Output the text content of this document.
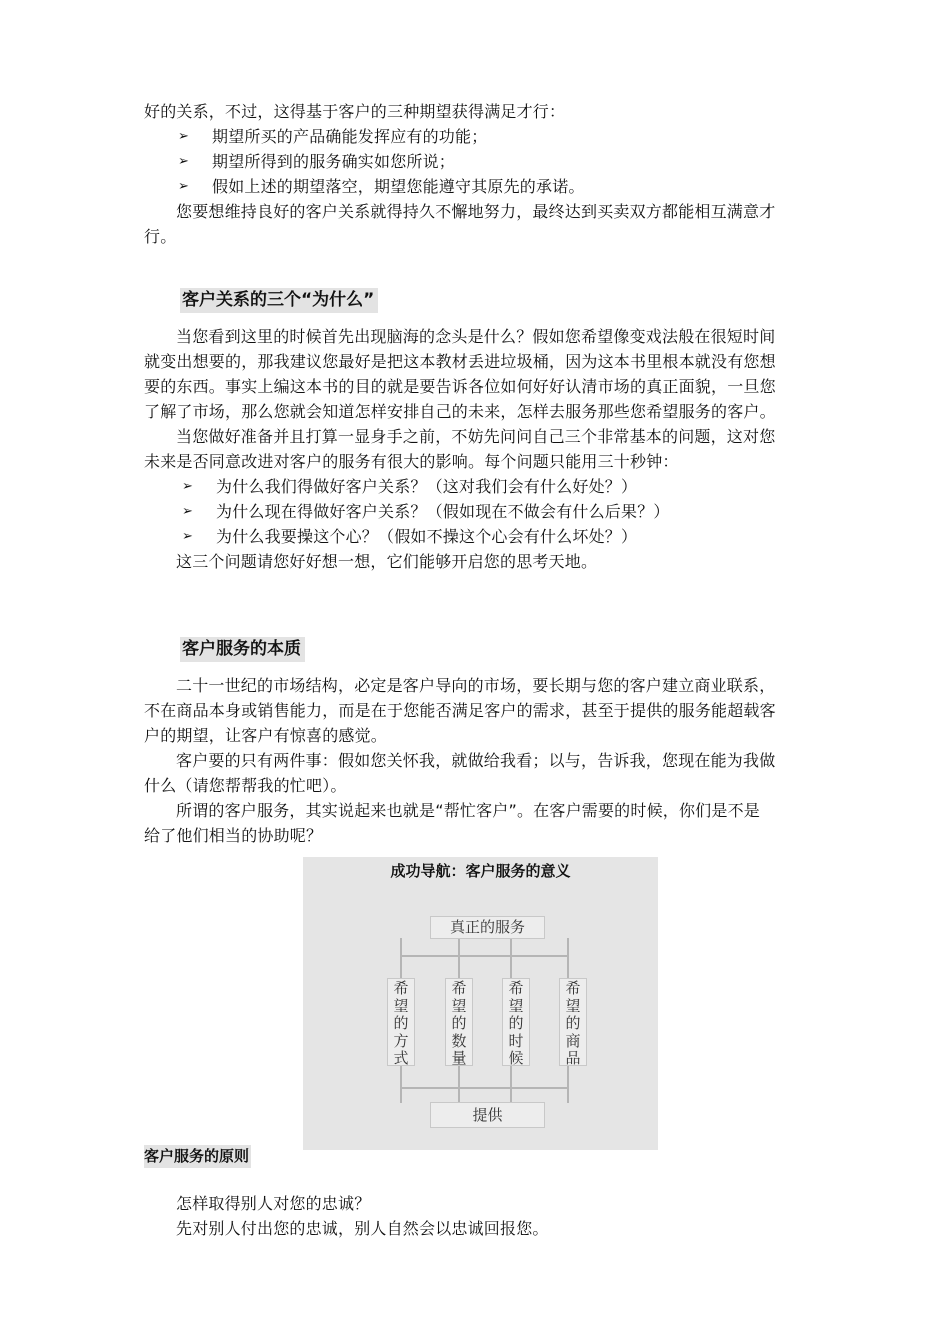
好的关系，不过，这得基于客户的三种期望获得满足才行：
➢ 期望所买的产品确能发挥应有的功能；
➢ 期望所得到的服务确实如您所说；
➢ 假如上述的期望落空，期望您能遵守其原先的承诺。
您要想维持良好的客户关系就得持久不懈地努力，最终达到买卖双方都能相互满意才
行。
客户关系的三个“为什么”
当您看到这里的时候首先出现脑海的念头是什么？假如您希望像变戏法般在很短时间
就变出想要的，那我建议您最好是把这本教材丢进垃圾桶，因为这本书里根本就没有您想
要的东西。事实上编这本书的目的就是要告诉各位如何好好认清市场的真正面貌，一旦您
了解了市场，那么您就会知道怎样安排自己的未来，怎样去服务那些您希望服务的客户。
当您做好准备并且打算一显身手之前，不妨先问问自己三个非常基本的问题，这对您
未来是否同意改进对客户的服务有很大的影响。每个问题只能用三十秒钟：
➢ 为什么我们得做好客户关系？（这对我们会有什么好处？）
➢ 为什么现在得做好客户关系？（假如现在不做会有什么后果？）
➢ 为什么我要操这个心？（假如不操这个心会有什么坏处？）
这三个问题请您好好想一想，它们能够开启您的思考天地。
客户服务的本质
二十一世纪的市场结构，必定是客户导向的市场，要长期与您的客户建立商业联系，
不在商品本身或销售能力，而是在于您能否满足客户的需求，甚至于提供的服务能超载客
户的期望，让客户有惊喜的感觉。
客户要的只有两件事：假如您关怀我，就做给我看；以与，告诉我，您现在能为我做
什么（请您帮帮我的忙吧）。
所谓的客户服务，其实说起来也就是“帮忙客户”。在客户需要的时候，你们是不是
给了他们相当的协助呢？
成功导航：客户服务的意义
真正的服务
希望的方式
希望的数量
希望的时候
希望的商品
提供
客户服务的原则
怎样取得别人对您的忠诚？
先对别人付出您的忠诚，别人自然会以忠诚回报您。
